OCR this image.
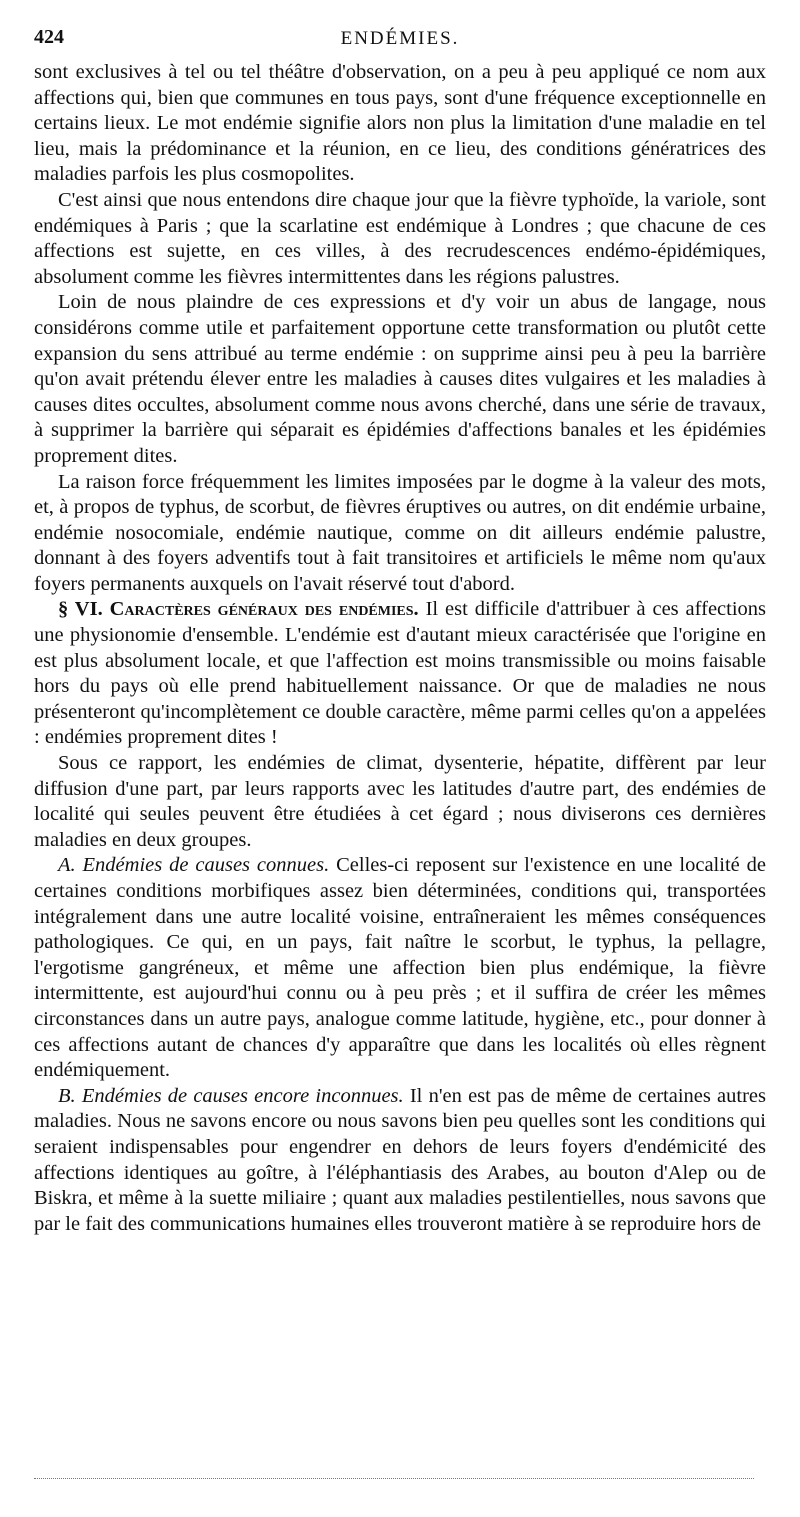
424	ENDÉMIES.

sont exclusives à tel ou tel théâtre d'observation, on a peu à peu appliqué ce nom aux affections qui, bien que communes en tous pays, sont d'une fréquence exceptionnelle en certains lieux. Le mot endémie signifie alors non plus la limitation d'une maladie en tel lieu, mais la prédominance et la réunion, en ce lieu, des conditions génératrices des maladies parfois les plus cosmopolites.

C'est ainsi que nous entendons dire chaque jour que la fièvre typhoïde, la variole, sont endémiques à Paris ; que la scarlatine est endémique à Londres ; que chacune de ces affections est sujette, en ces villes, à des recrudescences endémo-épidémiques, absolument comme les fièvres intermittentes dans les régions palustres.

Loin de nous plaindre de ces expressions et d'y voir un abus de langage, nous considérons comme utile et parfaitement opportune cette transformation ou plutôt cette expansion du sens attribué au terme endémie : on supprime ainsi peu à peu la barrière qu'on avait prétendu élever entre les maladies à causes dites vulgaires et les maladies à causes dites occultes, absolument comme nous avons cherché, dans une série de travaux, à supprimer la barrière qui séparait es épidémies d'affections banales et les épidémies proprement dites.

La raison force fréquemment les limites imposées par le dogme à la valeur des mots, et, à propos de typhus, de scorbut, de fièvres éruptives ou autres, on dit endémie urbaine, endémie nosocomiale, endémie nautique, comme on dit ailleurs endémie palustre, donnant à des foyers adventifs tout à fait transitoires et artificiels le même nom qu'aux foyers permanents auxquels on l'avait réservé tout d'abord.

§ VI. Caractères généraux des endémies. Il est difficile d'attribuer à ces affections une physionomie d'ensemble. L'endémie est d'autant mieux caractérisée que l'origine en est plus absolument locale, et que l'affection est moins transmissible ou moins faisable hors du pays où elle prend habituellement naissance. Or que de maladies ne nous présenteront qu'incomplètement ce double caractère, même parmi celles qu'on a appelées : endémies proprement dites !

Sous ce rapport, les endémies de climat, dysenterie, hépatite, diffèrent par leur diffusion d'une part, par leurs rapports avec les latitudes d'autre part, des endémies de localité qui seules peuvent être étudiées à cet égard ; nous diviserons ces dernières maladies en deux groupes.

A. Endémies de causes connues. Celles-ci reposent sur l'existence en une localité de certaines conditions morbifiques assez bien déterminées, conditions qui, transportées intégralement dans une autre localité voisine, entraîneraient les mêmes conséquences pathologiques. Ce qui, en un pays, fait naître le scorbut, le typhus, la pellagre, l'ergotisme gangréneux, et même une affection bien plus endémique, la fièvre intermittente, est aujourd'hui connu ou à peu près ; et il suffira de créer les mêmes circonstances dans un autre pays, analogue comme latitude, hygiène, etc., pour donner à ces affections autant de chances d'y apparaître que dans les localités où elles règnent endémiquement.

B. Endémies de causes encore inconnues. Il n'en est pas de même de certaines autres maladies. Nous ne savons encore ou nous savons bien peu quelles sont les conditions qui seraient indispensables pour engendrer en dehors de leurs foyers d'endémicité des affections identiques au goître, à l'éléphantiasis des Arabes, au bouton d'Alep ou de Biskra, et même à la suette miliaire ; quant aux maladies pestilentielles, nous savons que par le fait des communications humaines elles trouveront matière à se reproduire hors de
